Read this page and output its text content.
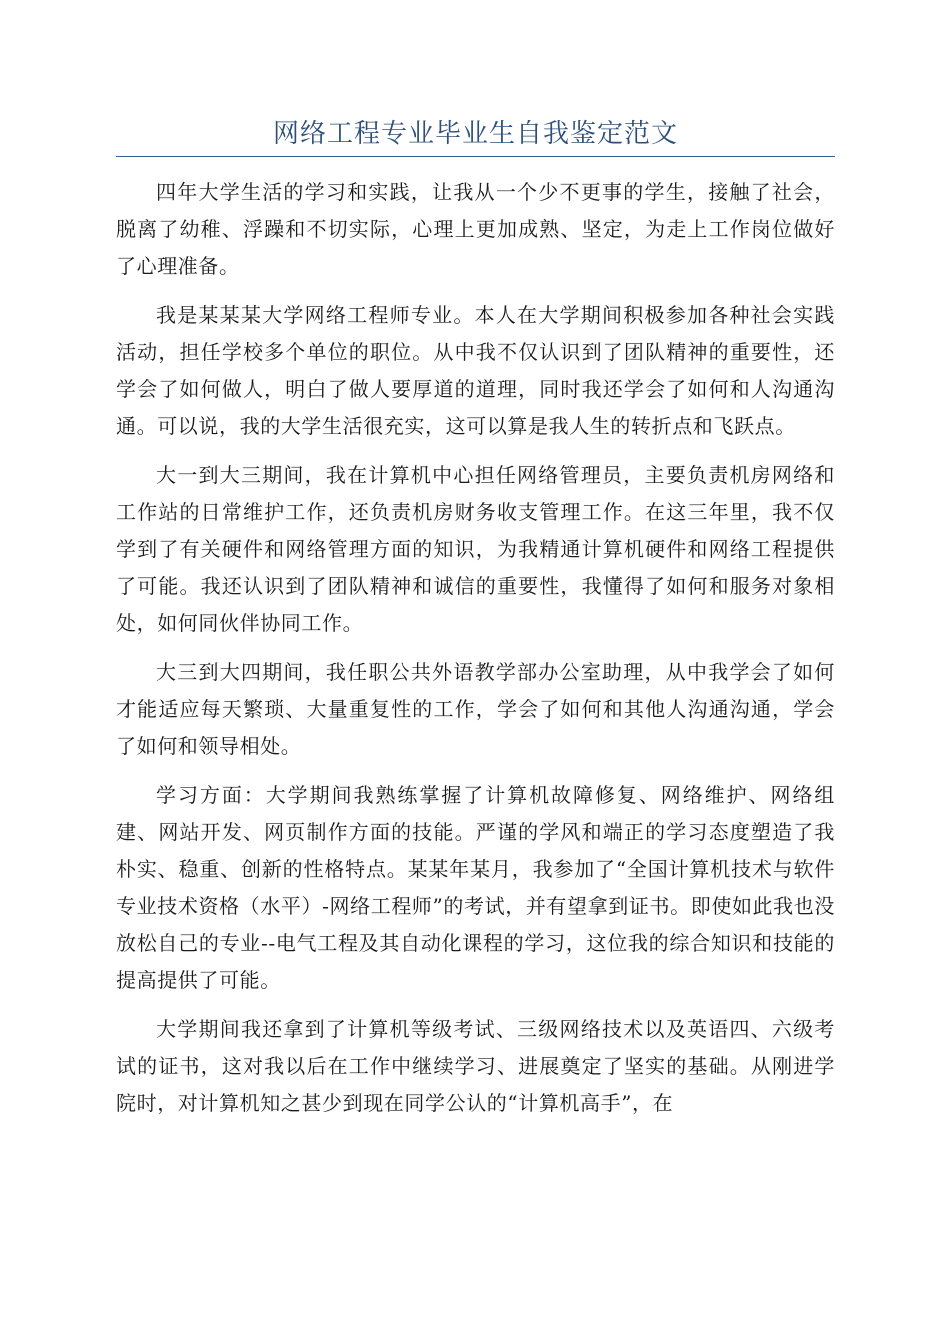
网络工程专业毕业生自我鉴定范文

四年大学生活的学习和实践，让我从一个少不更事的学生，接触了社会，脱离了幼稚、浮躁和不切实际，心理上更加成熟、坚定，为走上工作岗位做好了心理准备。

我是某某某大学网络工程师专业。本人在大学期间积极参加各种社会实践活动，担任学校多个单位的职位。从中我不仅认识到了团队精神的重要性，还学会了如何做人，明白了做人要厚道的道理，同时我还学会了如何和人沟通沟通。可以说，我的大学生活很充实，这可以算是我人生的转折点和飞跃点。

大一到大三期间，我在计算机中心担任网络管理员，主要负责机房网络和工作站的日常维护工作，还负责机房财务收支管理工作。在这三年里，我不仅学到了有关硬件和网络管理方面的知识，为我精通计算机硬件和网络工程提供了可能。我还认识到了团队精神和诚信的重要性，我懂得了如何和服务对象相处，如何同伙伴协同工作。

大三到大四期间，我任职公共外语教学部办公室助理，从中我学会了如何才能适应每天繁琐、大量重复性的工作，学会了如何和其他人沟通沟通，学会了如何和领导相处。

学习方面：大学期间我熟练掌握了计算机故障修复、网络维护、网络组建、网站开发、网页制作方面的技能。严谨的学风和端正的学习态度塑造了我朴实、稳重、创新的性格特点。某某年某月，我参加了“全国计算机技术与软件专业技术资格（水平）-网络工程师”的考试，并有望拿到证书。即使如此我也没放松自己的专业--电气工程及其自动化课程的学习，这位我的综合知识和技能的提高提供了可能。

大学期间我还拿到了计算机等级考试、三级网络技术以及英语四、六级考试的证书，这对我以后在工作中继续学习、进展奠定了坚实的基础。从刚进学院时，对计算机知之甚少到现在同学公认的“计算机高手”，在
